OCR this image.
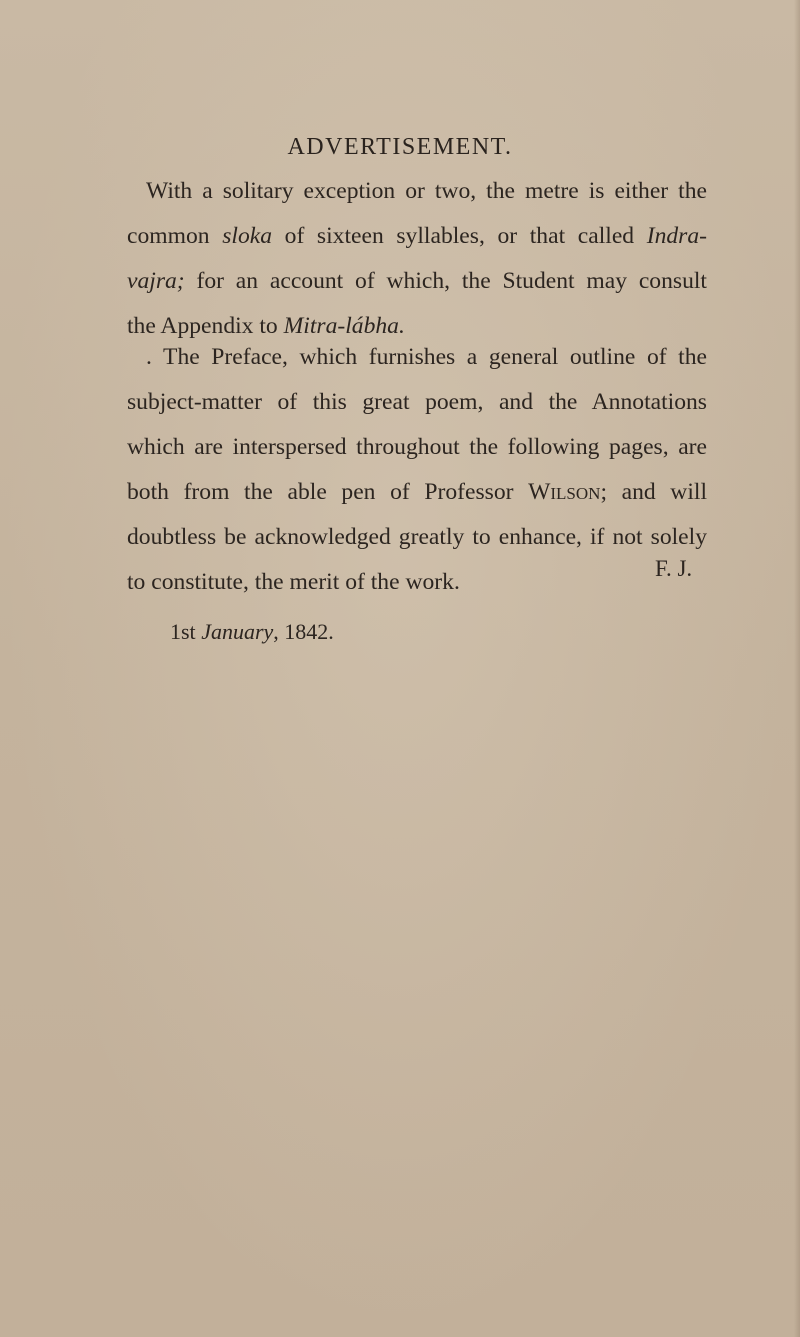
ADVERTISEMENT.
With a solitary exception or two, the metre is either the
common sloka of sixteen syllables, or that called Indra-
vajra; for an account of which, the Student may consult
the Appendix to Mitra-lábha.
. The Preface, which furnishes a general outline of the
subject-matter of this great poem, and the Annotations
which are interspersed throughout the following pages, are
both from the able pen of Professor Wilson; and will
doubtless be acknowledged greatly to enhance, if not solely
to constitute, the merit of the work.
F. J.
1st January, 1842.
